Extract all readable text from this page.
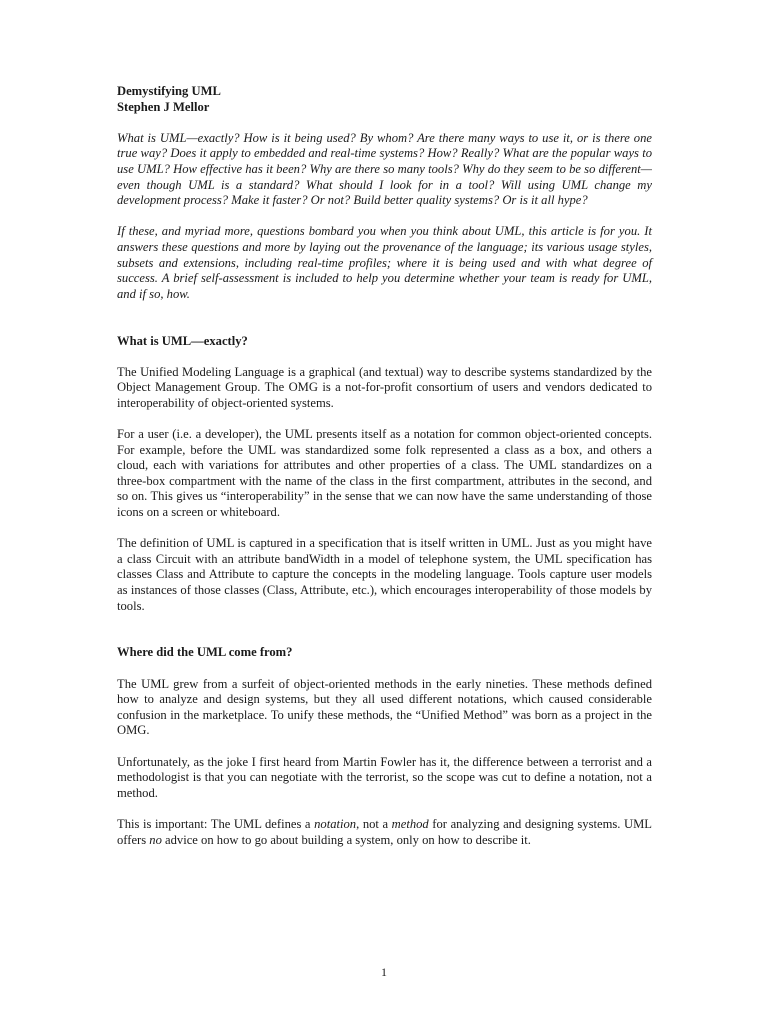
Demystifying UML
Stephen J Mellor

What is UML—exactly? How is it being used? By whom? Are there many ways to use it, or is there one true way? Does it apply to embedded and real-time systems? How? Really? What are the popular ways to use UML? How effective has it been? Why are there so many tools? Why do they seem to be so different—even though UML is a standard? What should I look for in a tool? Will using UML change my development process? Make it faster? Or not? Build better quality systems? Or is it all hype?

If these, and myriad more, questions bombard you when you think about UML, this article is for you. It answers these questions and more by laying out the provenance of the language; its various usage styles, subsets and extensions, including real-time profiles; where it is being used and with what degree of success. A brief self-assessment is included to help you determine whether your team is ready for UML, and if so, how.

What is UML—exactly?

The Unified Modeling Language is a graphical (and textual) way to describe systems standardized by the Object Management Group. The OMG is a not-for-profit consortium of users and vendors dedicated to interoperability of object-oriented systems.

For a user (i.e. a developer), the UML presents itself as a notation for common object-oriented concepts. For example, before the UML was standardized some folk represented a class as a box, and others a cloud, each with variations for attributes and other properties of a class. The UML standardizes on a three-box compartment with the name of the class in the first compartment, attributes in the second, and so on. This gives us “interoperability” in the sense that we can now have the same understanding of those icons on a screen or whiteboard.

The definition of UML is captured in a specification that is itself written in UML. Just as you might have a class Circuit with an attribute bandWidth in a model of telephone system, the UML specification has classes Class and Attribute to capture the concepts in the modeling language. Tools capture user models as instances of those classes (Class, Attribute, etc.), which encourages interoperability of those models by tools.

Where did the UML come from?

The UML grew from a surfeit of object-oriented methods in the early nineties. These methods defined how to analyze and design systems, but they all used different notations, which caused considerable confusion in the marketplace. To unify these methods, the “Unified Method” was born as a project in the OMG.

Unfortunately, as the joke I first heard from Martin Fowler has it, the difference between a terrorist and a methodologist is that you can negotiate with the terrorist, so the scope was cut to define a notation, not a method.

This is important: The UML defines a notation, not a method for analyzing and designing systems. UML offers no advice on how to go about building a system, only on how to describe it.

1
